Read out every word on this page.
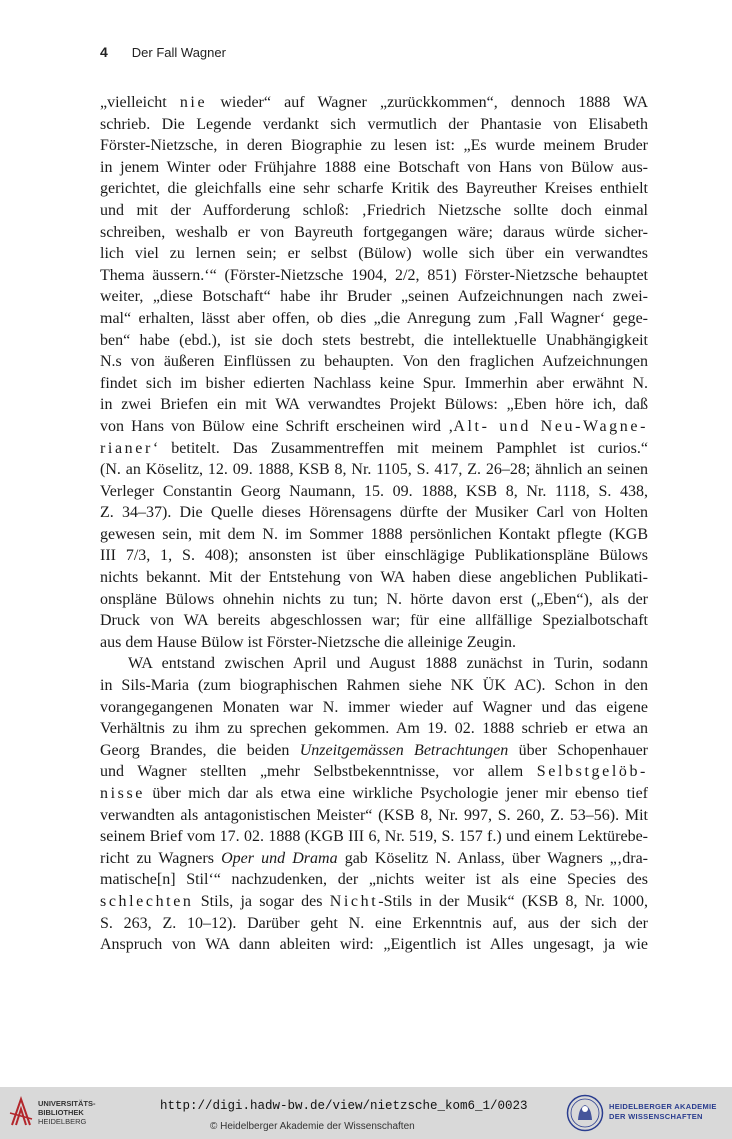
4 Der Fall Wagner
„vielleicht nie wieder“ auf Wagner „zurückkommen“, dennoch 1888 WA
schrieb. Die Legende verdankt sich vermutlich der Phantasie von Elisabeth
Förster-Nietzsche, in deren Biographie zu lesen ist: „Es wurde meinem Bruder
in jenem Winter oder Frühjahre 1888 eine Botschaft von Hans von Bülow aus-
gerichtet, die gleichfalls eine sehr scharfe Kritik des Bayreuther Kreises enthielt
und mit der Aufforderung schloß: ‚Friedrich Nietzsche sollte doch einmal
schreiben, weshalb er von Bayreuth fortgegangen wäre; daraus würde sicher-
lich viel zu lernen sein; er selbst (Bülow) wolle sich über ein verwandtes
Thema äussern.‘“ (Förster-Nietzsche 1904, 2/2, 851) Förster-Nietzsche behauptet
weiter, „diese Botschaft“ habe ihr Bruder „seinen Aufzeichnungen nach zwei-
mal“ erhalten, lässt aber offen, ob dies „die Anregung zum ‚Fall Wagner‘ gege-
ben“ habe (ebd.), ist sie doch stets bestrebt, die intellektuelle Unabhängigkeit
N.s von äußeren Einflüssen zu behaupten. Von den fraglichen Aufzeichnungen
findet sich im bisher edierten Nachlass keine Spur. Immerhin aber erwähnt N.
in zwei Briefen ein mit WA verwandtes Projekt Bülows: „Eben höre ich, daß
von Hans von Bülow eine Schrift erscheinen wird ‚Alt- und Neu-Wagne-
rianer‘ betitelt. Das Zusammentreffen mit meinem Pamphlet ist curios.“
(N. an Köselitz, 12. 09. 1888, KSB 8, Nr. 1105, S. 417, Z. 26–28; ähnlich an seinen
Verleger Constantin Georg Naumann, 15. 09. 1888, KSB 8, Nr. 1118, S. 438,
Z. 34–37). Die Quelle dieses Hörensagens dürfte der Musiker Carl von Holten
gewesen sein, mit dem N. im Sommer 1888 persönlichen Kontakt pflegte (KGB
III 7/3, 1, S. 408); ansonsten ist über einschlägige Publikationspläne Bülows
nichts bekannt. Mit der Entstehung von WA haben diese angeblichen Publikati-
onspläne Bülows ohnehin nichts zu tun; N. hörte davon erst („Eben“), als der
Druck von WA bereits abgeschlossen war; für eine allfällige Spezialbotschaft
aus dem Hause Bülow ist Förster-Nietzsche die alleinige Zeugin.
WA entstand zwischen April und August 1888 zunächst in Turin, sodann
in Sils-Maria (zum biographischen Rahmen siehe NK ÜK AC). Schon in den
vorangegangenen Monaten war N. immer wieder auf Wagner und das eigene
Verhältnis zu ihm zu sprechen gekommen. Am 19. 02. 1888 schrieb er etwa an
Georg Brandes, die beiden Unzeitgemässen Betrachtungen über Schopenhauer
und Wagner stellten „mehr Selbstbekenntnisse, vor allem Selbstgelöb-
nisse über mich dar als etwa eine wirkliche Psychologie jener mir ebenso tief
verwandten als antagonistischen Meister“ (KSB 8, Nr. 997, S. 260, Z. 53–56). Mit
seinem Brief vom 17. 02. 1888 (KGB III 6, Nr. 519, S. 157 f.) und einem Lektürebe-
richt zu Wagners Oper und Drama gab Köselitz N. Anlass, über Wagners „‚dra-
matische[n] Stil‘“ nachzudenken, der „nichts weiter ist als eine Species des
schlechten Stils, ja sogar des Nicht-Stils in der Musik“ (KSB 8, Nr. 1000,
S. 263, Z. 10–12). Darüber geht N. eine Erkenntnis auf, aus der sich der
Anspruch von WA dann ableiten wird: „Eigentlich ist Alles ungesagt, ja wie
UNIVERSITÄTS-
BIBLIOTHEK
HEIDELBERG
http://digi.hadw-bw.de/view/nietzsche_kom6_1/0023
© Heidelberger Akademie der Wissenschaften
HEIDELBERGER AKADEMIE
DER WISSENSCHAFTEN
